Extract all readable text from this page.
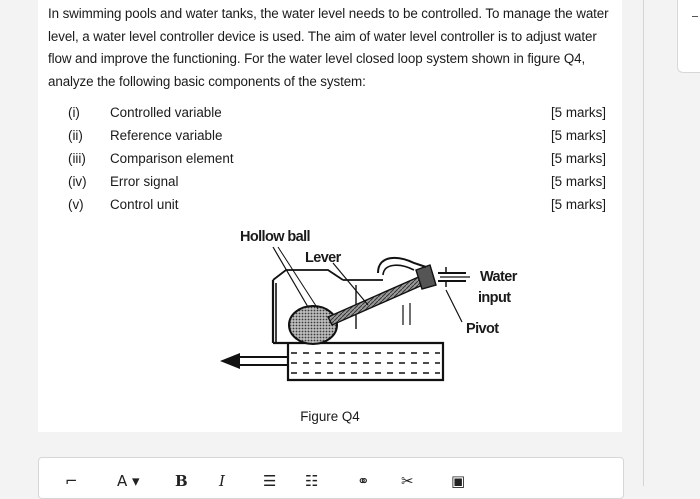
In swimming pools and water tanks, the water level needs to be controlled. To manage the water level, a water level controller device is used. The aim of water level controller is to adjust water flow and improve the functioning. For the water level closed loop system shown in figure Q4, analyze the following basic components of the system:
(i) Controlled variable	[5 marks]
(ii) Reference variable	[5 marks]
(iii) Comparison element	[5 marks]
(iv) Error signal	[5 marks]
(v) Control unit	[5 marks]
Hollow ball
Lever
Water
input
Pivot
Figure Q4
⌐	A ▾ B I	☰ ☷	⚭ ✂ ▣
